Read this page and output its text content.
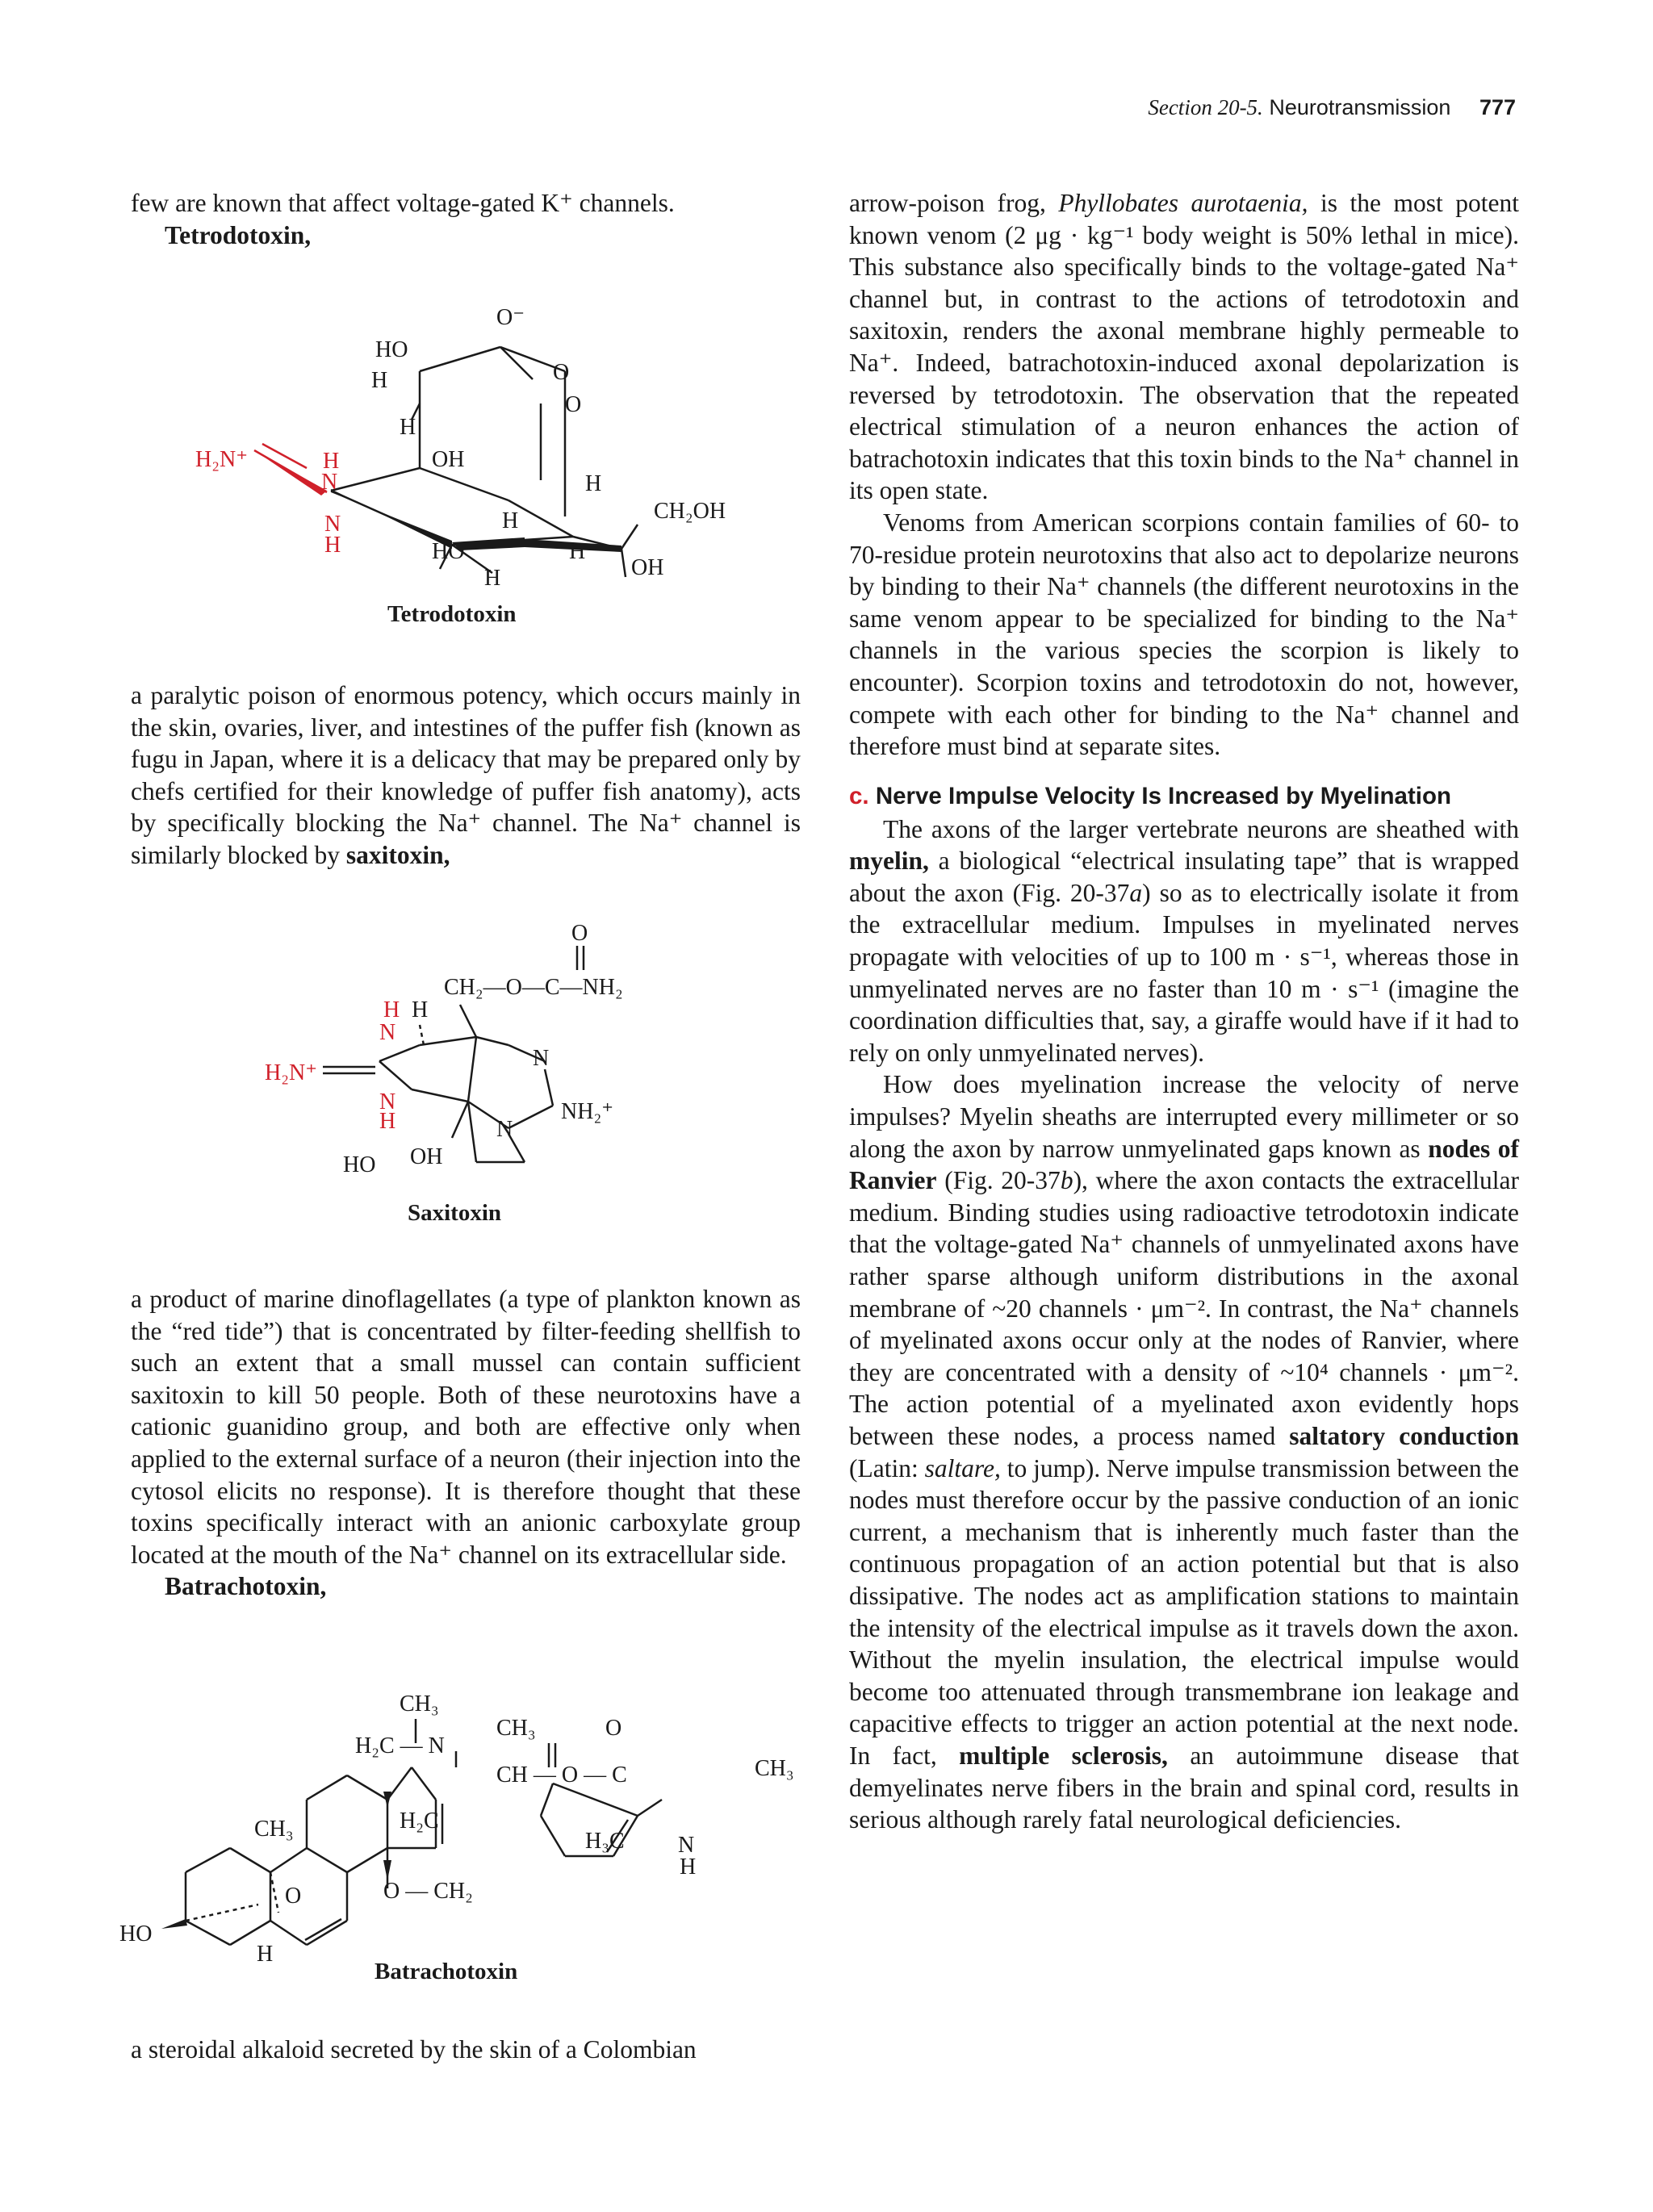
Section 20-5. Neurotransmission 777

few are known that affect voltage-gated K⁺ channels.

Tetrodotoxin,

O⁻
HO
H	O
O
H
OH
H₂N⁺	H
N
N
H
H
H	CH₂OH
HO
H
H
OH
Tetrodotoxin

a paralytic poison of enormous potency, which occurs mainly in the skin, ovaries, liver, and intestines of the puffer fish (known as fugu in Japan, where it is a delicacy that may be prepared only by chefs certified for their knowledge of puffer fish anatomy), acts by specifically blocking the Na⁺ channel. The Na⁺ channel is similarly blocked by saxitoxin,

O
CH₂—O—C—NH₂
H H
N
N
H₂N⁺
N
H	NH₂⁺
N
HO OH
Saxitoxin

a product of marine dinoflagellates (a type of plankton known as the “red tide”) that is concentrated by filter-feeding shellfish to such an extent that a small mussel can contain sufficient saxitoxin to kill 50 people. Both of these neurotoxins have a cationic guanidino group, and both are effective only when applied to the external surface of a neuron (their injection into the cytosol elicits no response). It is therefore thought that these toxins specifically interact with an anionic carboxylate group located at the mouth of the Na⁺ channel on its extracellular side.

Batrachotoxin,

CH₃
H₂C — N
CH₃	O
CH — O — C	CH₃
CH₃	H₂C
H₃C N
H
O	O — CH₂
HO
H
Batrachotoxin

a steroidal alkaloid secreted by the skin of a Colombian

arrow-poison frog, Phyllobates aurotaenia, is the most potent known venom (2 μg · kg⁻¹ body weight is 50% lethal in mice). This substance also specifically binds to the voltage-gated Na⁺ channel but, in contrast to the actions of tetrodotoxin and saxitoxin, renders the axonal membrane highly permeable to Na⁺. Indeed, batrachotoxin-induced axonal depolarization is reversed by tetrodotoxin. The observation that the repeated electrical stimulation of a neuron enhances the action of batrachotoxin indicates that this toxin binds to the Na⁺ channel in its open state.

Venoms from American scorpions contain families of 60- to 70-residue protein neurotoxins that also act to depolarize neurons by binding to their Na⁺ channels (the different neurotoxins in the same venom appear to be specialized for binding to the Na⁺ channels in the various species the scorpion is likely to encounter). Scorpion toxins and tetrodotoxin do not, however, compete with each other for binding to the Na⁺ channel and therefore must bind at separate sites.

c. Nerve Impulse Velocity Is Increased by Myelination

The axons of the larger vertebrate neurons are sheathed with myelin, a biological “electrical insulating tape” that is wrapped about the axon (Fig. 20-37a) so as to electrically isolate it from the extracellular medium. Impulses in myelinated nerves propagate with velocities of up to 100 m · s⁻¹, whereas those in unmyelinated nerves are no faster than 10 m · s⁻¹ (imagine the coordination difficulties that, say, a giraffe would have if it had to rely on only unmyelinated nerves).

How does myelination increase the velocity of nerve impulses? Myelin sheaths are interrupted every millimeter or so along the axon by narrow unmyelinated gaps known as nodes of Ranvier (Fig. 20-37b), where the axon contacts the extracellular medium. Binding studies using radioactive tetrodotoxin indicate that the voltage-gated Na⁺ channels of unmyelinated axons have rather sparse although uniform distributions in the axonal membrane of ~20 channels · μm⁻². In contrast, the Na⁺ channels of myelinated axons occur only at the nodes of Ranvier, where they are concentrated with a density of ~10⁴ channels · μm⁻². The action potential of a myelinated axon evidently hops between these nodes, a process named saltatory conduction (Latin: saltare, to jump). Nerve impulse transmission between the nodes must therefore occur by the passive conduction of an ionic current, a mechanism that is inherently much faster than the continuous propagation of an action potential but that is also dissipative. The nodes act as amplification stations to maintain the intensity of the electrical impulse as it travels down the axon. Without the myelin insulation, the electrical impulse would become too attenuated through transmembrane ion leakage and capacitive effects to trigger an action potential at the next node. In fact, multiple sclerosis, an autoimmune disease that demyelinates nerve fibers in the brain and spinal cord, results in serious although rarely fatal neurological deficiencies.
